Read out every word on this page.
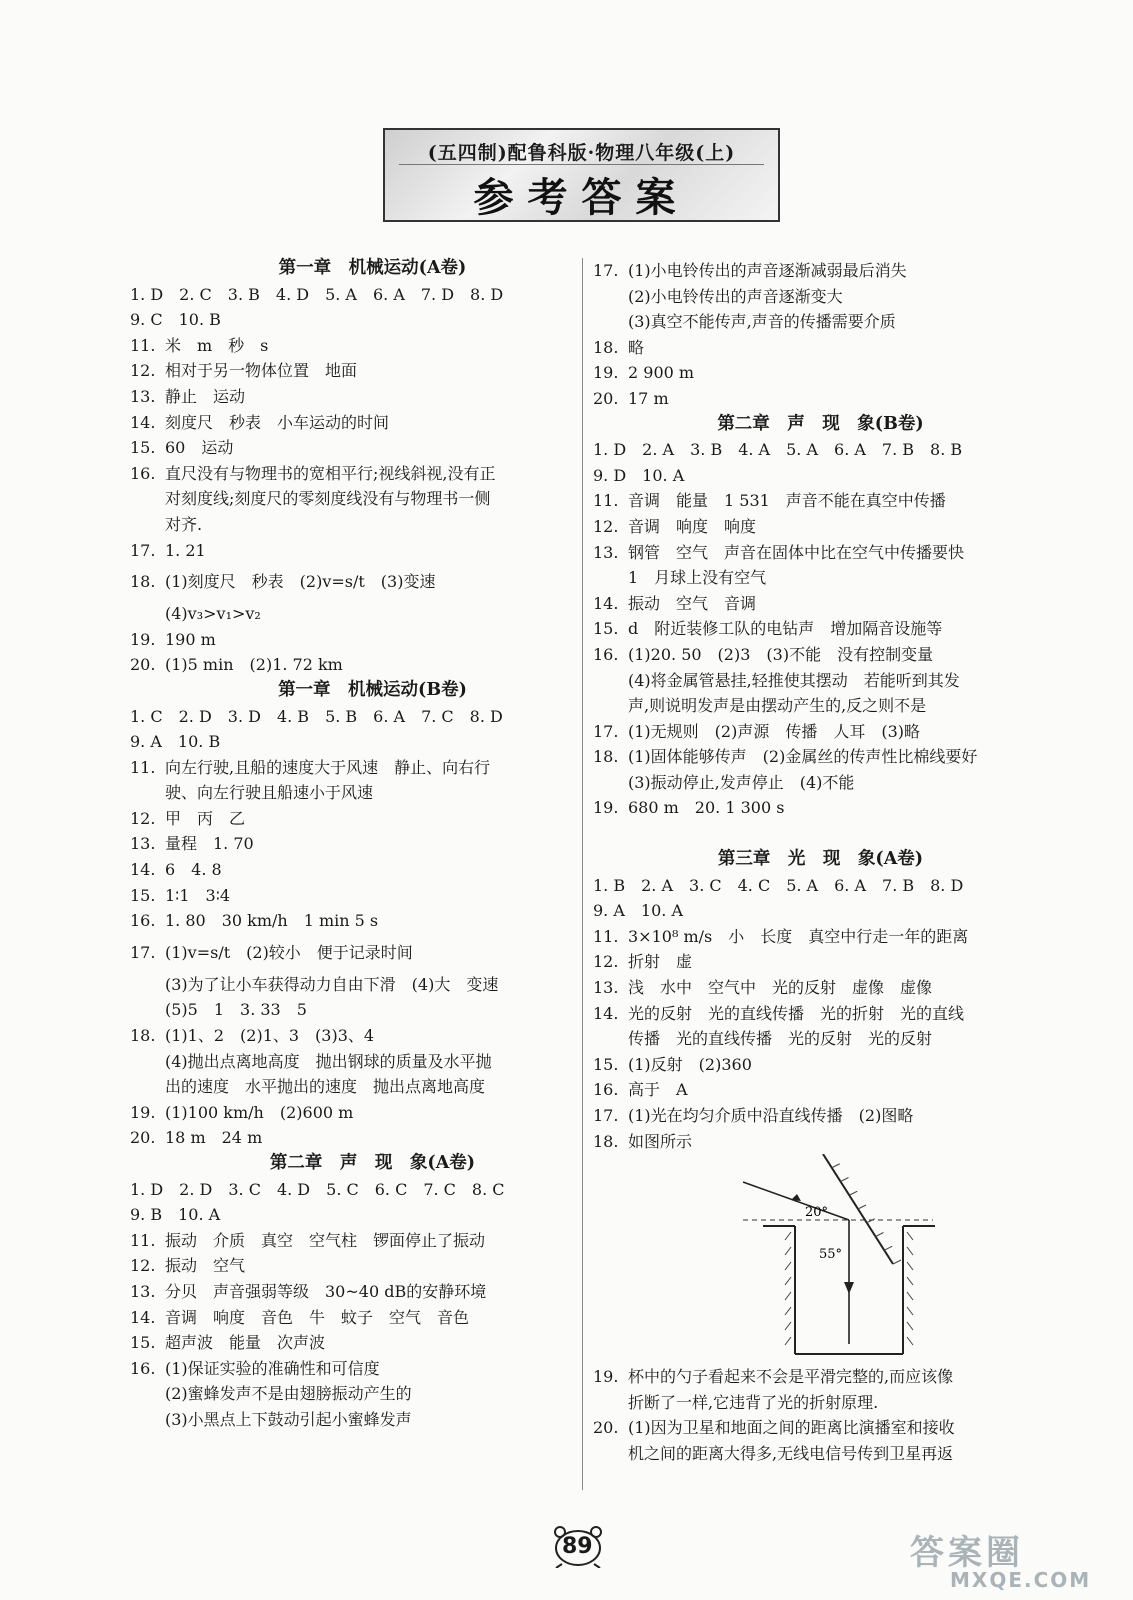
(五四制)配鲁科版·物理八年级(上)
参考答案
第一章　机械运动(A卷)
1. D　2. C　3. B　4. D　5. A　6. A　7. D　8. D
9. C　10. B
11. 米　m　秒　s
12. 相对于另一物体位置　地面
13. 静止　运动
14. 刻度尺　秒表　小车运动的时间
15. 60　运动
16. 直尺没有与物理书的宽相平行;视线斜视,没有正
对刻度线;刻度尺的零刻度线没有与物理书一侧
对齐.
17. 1. 21
18. (1)刻度尺　秒表　(2)v=s/t　(3)变速
(4)v₃>v₁>v₂
19. 190 m
20. (1)5 min　(2)1. 72 km
第一章　机械运动(B卷)
1. C　2. D　3. D　4. B　5. B　6. A　7. C　8. D
9. A　10. B
11. 向左行驶,且船的速度大于风速　静止、向右行
驶、向左行驶且船速小于风速
12. 甲　丙　乙
13. 量程　1. 70
14. 6　4. 8
15. 1∶1　3∶4
16. 1. 80　30 km/h　1 min 5 s
17. (1)v=s/t　(2)较小　便于记录时间
(3)为了让小车获得动力自由下滑　(4)大　变速
(5)5　1　3. 33　5
18. (1)1、2　(2)1、3　(3)3、4
(4)抛出点离地高度　抛出钢球的质量及水平抛
出的速度　水平抛出的速度　抛出点离地高度
19. (1)100 km/h　(2)600 m
20. 18 m　24 m
第二章　声　现　象(A卷)
1. D　2. D　3. C　4. D　5. C　6. C　7. C　8. C
9. B　10. A
11. 振动　介质　真空　空气柱　锣面停止了振动
12. 振动　空气
13. 分贝　声音强弱等级　30~40 dB的安静环境
14. 音调　响度　音色　牛　蚊子　空气　音色
15. 超声波　能量　次声波
16. (1)保证实验的准确性和可信度
(2)蜜蜂发声不是由翅膀振动产生的
(3)小黑点上下鼓动引起小蜜蜂发声
17. (1)小电铃传出的声音逐渐减弱最后消失
(2)小电铃传出的声音逐渐变大
(3)真空不能传声,声音的传播需要介质
18. 略
19. 2 900 m
20. 17 m
第二章　声　现　象(B卷)
1. D　2. A　3. B　4. A　5. A　6. A　7. B　8. B
9. D　10. A
11. 音调　能量　1 531　声音不能在真空中传播
12. 音调　响度　响度
13. 钢管　空气　声音在固体中比在空气中传播要快
1　月球上没有空气
14. 振动　空气　音调
15. d　附近装修工队的电钻声　增加隔音设施等
16. (1)20. 50　(2)3　(3)不能　没有控制变量
(4)将金属管悬挂,轻推使其摆动　若能听到其发
声,则说明发声是由摆动产生的,反之则不是
17. (1)无规则　(2)声源　传播　人耳　(3)略
18. (1)固体能够传声　(2)金属丝的传声性比棉线要好
(3)振动停止,发声停止　(4)不能
19. 680 m　20. 1 300 s
第三章　光　现　象(A卷)
1. B　2. A　3. C　4. C　5. A　6. A　7. B　8. D
9. A　10. A
11. 3×10⁸ m/s　小　长度　真空中行走一年的距离
12. 折射　虚
13. 浅　水中　空气中　光的反射　虚像　虚像
14. 光的反射　光的直线传播　光的折射　光的直线
传播　光的直线传播　光的反射　光的反射
15. (1)反射　(2)360
16. 高于　A
17. (1)光在均匀介质中沿直线传播　(2)图略
18. 如图所示
20°
55°
19. 杯中的勺子看起来不会是平滑完整的,而应该像
折断了一样,它违背了光的折射原理.
20. (1)因为卫星和地面之间的距离比演播室和接收
机之间的距离大得多,无线电信号传到卫星再返
89	答案圈
MXQE.COM
